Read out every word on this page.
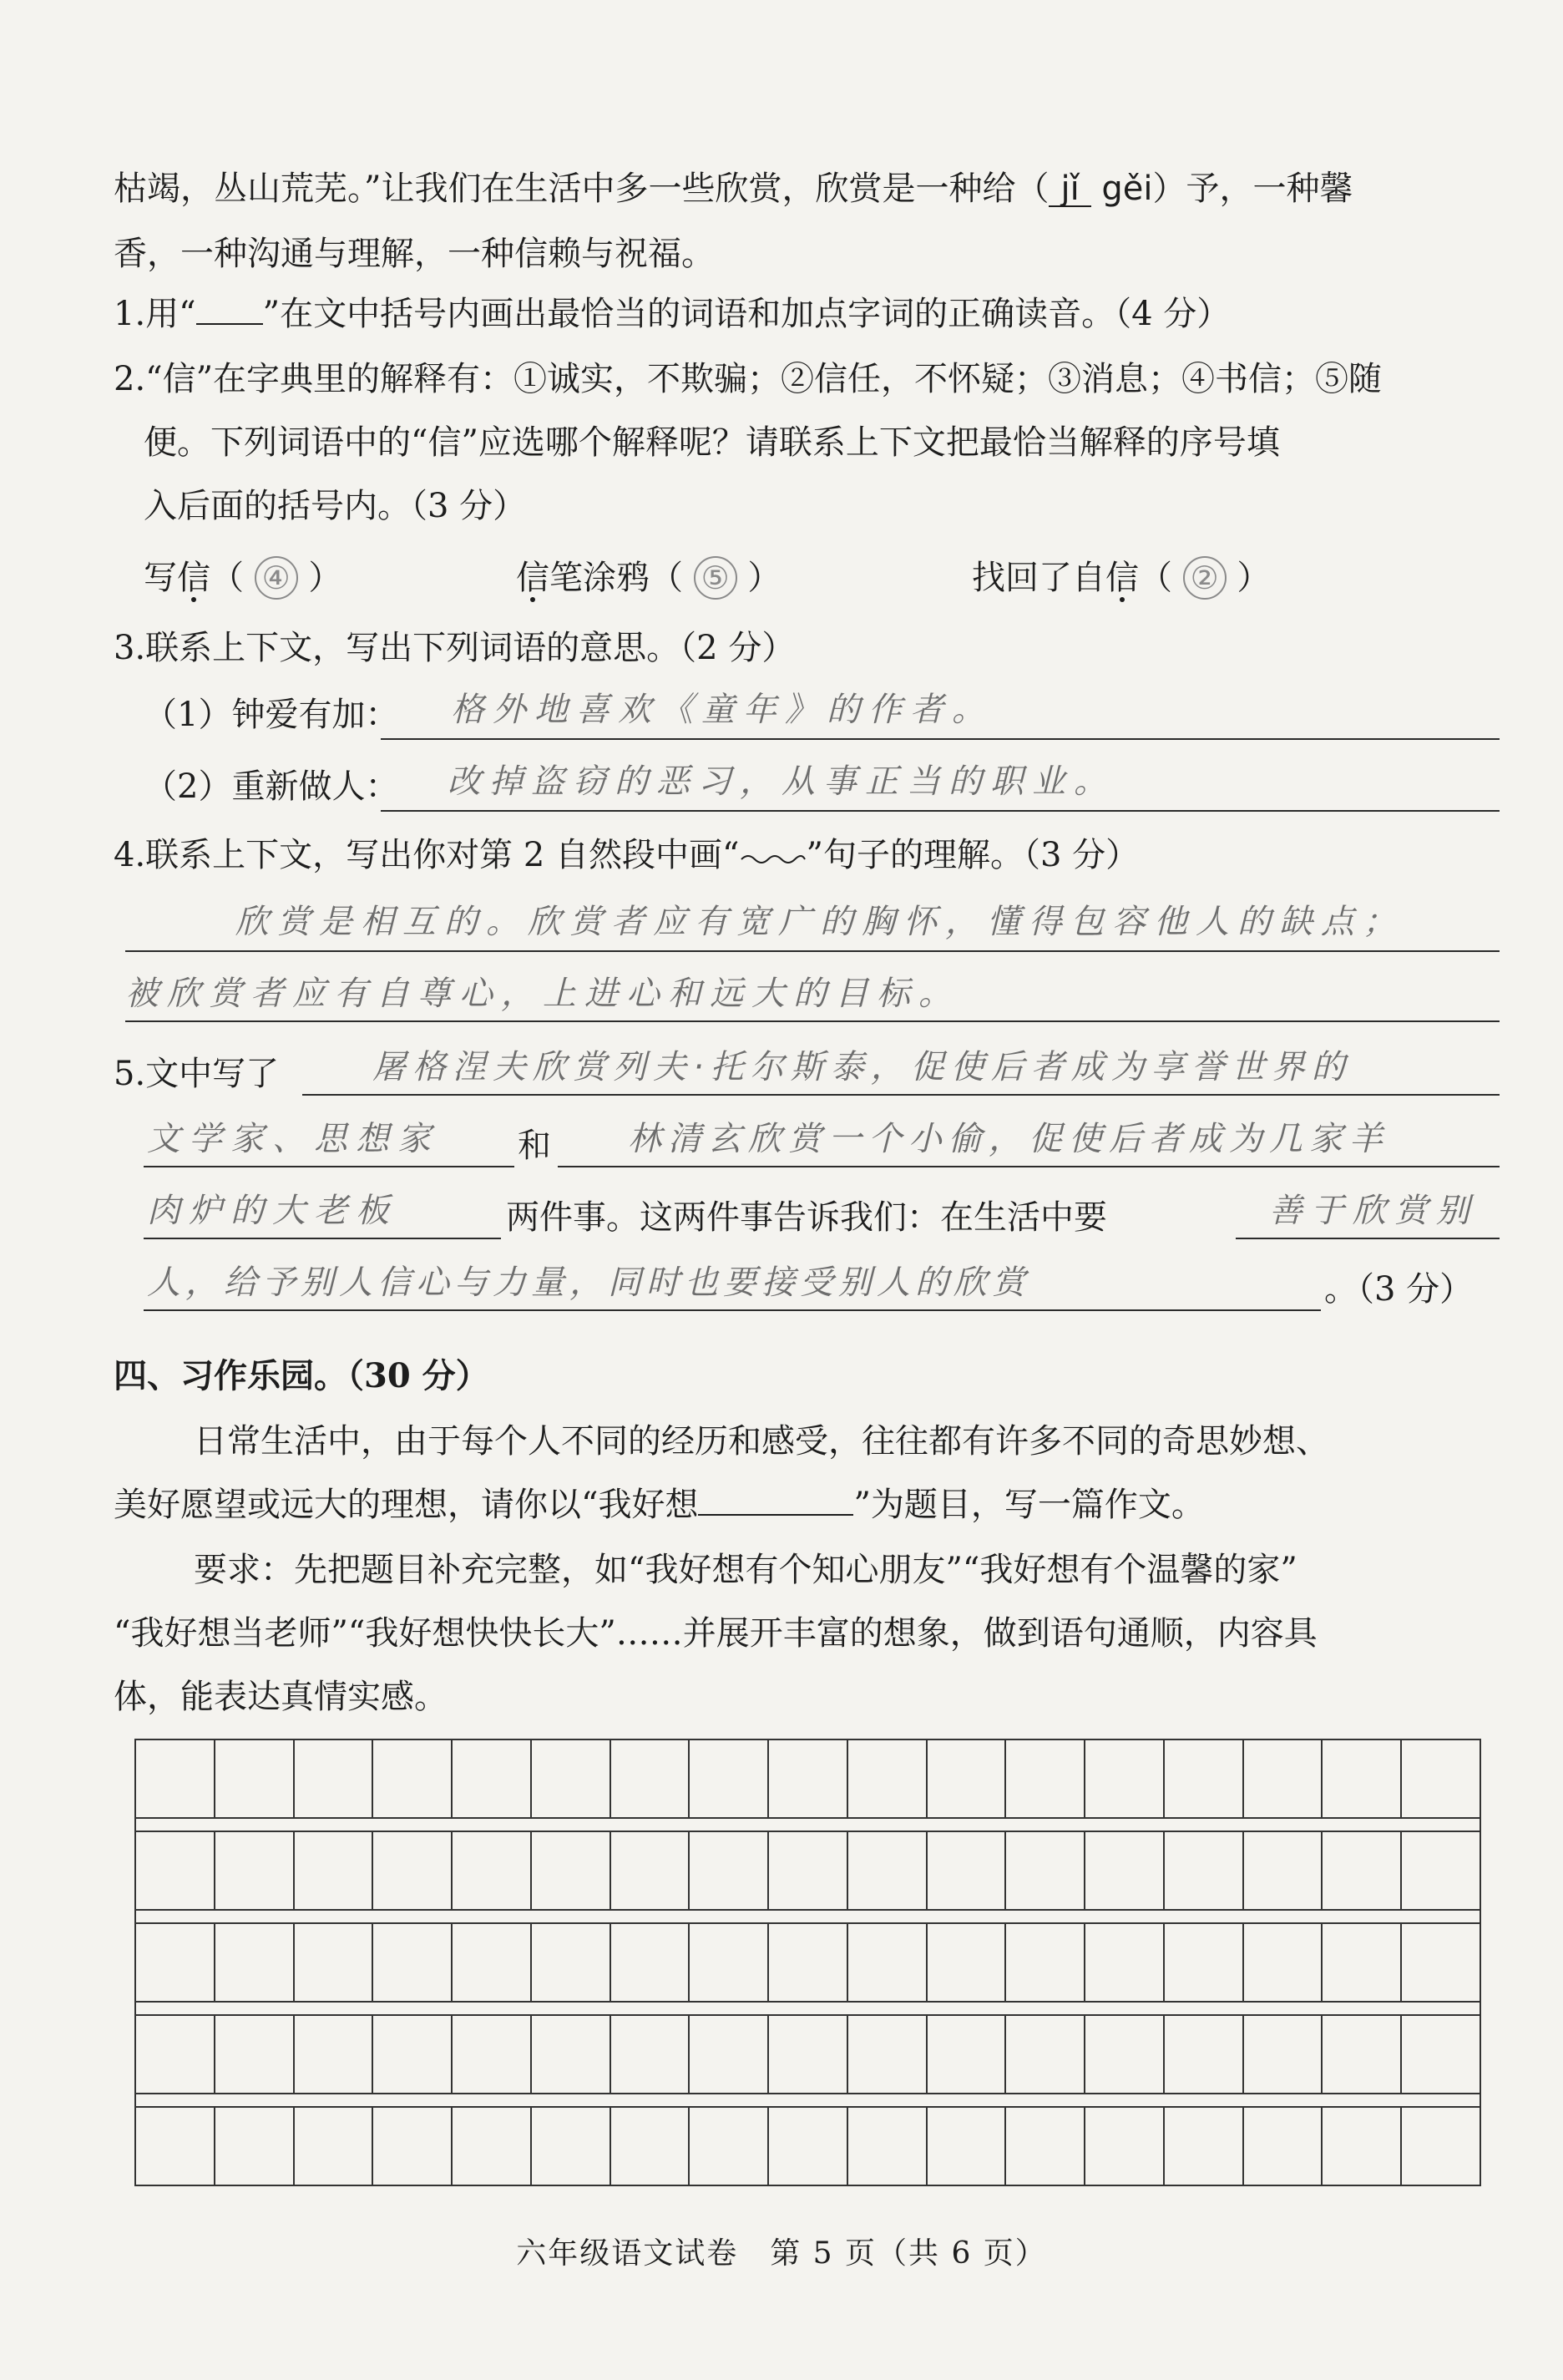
枯竭，丛山荒芜。”让我们在生活中多一些欣赏，欣赏是一种给（ jǐ gěi）予，一种馨
香，一种沟通与理解，一种信赖与祝福。
1.用“ ”在文中括号内画出最恰当的词语和加点字词的正确读音。（4 分）
2.“信”在字典里的解释有：①诚实，不欺骗；②信任，不怀疑；③消息；④书信；⑤随
便。下列词语中的“信”应选哪个解释呢？请联系上下文把最恰当解释的序号填
入后面的括号内。（3 分）
写信（ ④ ）	信笔涂鸦（ ⑤ ）	找回了自信（ ② ）
3.联系上下文，写出下列词语的意思。（2 分）
（1）钟爱有加： 格外地喜欢《童年》的作者。
（2）重新做人： 改掉盗窃的恶习，从事正当的职业。
4.联系上下文，写出你对第 2 自然段中画“ ”句子的理解。（3 分）
欣赏是相互的。欣赏者应有宽广的胸怀，懂得包容他人的缺点；
被欣赏者应有自尊心，上进心和远大的目标。
5.文中写了	屠格涅夫欣赏列夫·托尔斯泰，促使后者成为享誉世界的
文学家、思想家 和 林清玄欣赏一个小偷，促使后者成为几家羊
肉炉的大老板	两件事。这两件事告诉我们：在生活中要	善于欣赏别
人，给予别人信心与力量，同时也要接受别人的欣赏	。（3 分）
四、习作乐园。（30 分）
日常生活中，由于每个人不同的经历和感受，往往都有许多不同的奇思妙想、
美好愿望或远大的理想，请你以“我好想	”为题目，写一篇作文。
要求：先把题目补充完整，如“我好想有个知心朋友”“我好想有个温馨的家”
“我好想当老师”“我好想快快长大”……并展开丰富的想象，做到语句通顺，内容具
体，能表达真情实感。
六年级语文试卷　第 5 页（共 6 页）
